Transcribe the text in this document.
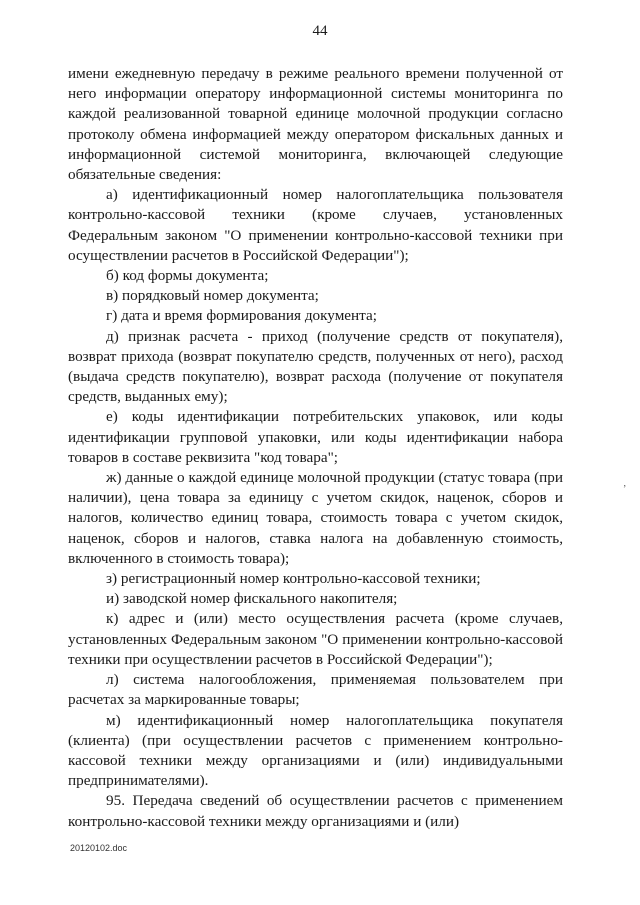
44

имени ежедневную передачу в режиме реального времени полученной от него информации оператору информационной системы мониторинга по каждой реализованной товарной единице молочной продукции согласно протоколу обмена информацией между оператором фискальных данных и информационной системой мониторинга, включающей следующие обязательные сведения:

а) идентификационный номер налогоплательщика пользователя контрольно-кассовой техники (кроме случаев, установленных Федеральным законом "О применении контрольно-кассовой техники при осуществлении расчетов в Российской Федерации");

б) код формы документа;

в) порядковый номер документа;

г) дата и время формирования документа;

д) признак расчета - приход (получение средств от покупателя), возврат прихода (возврат покупателю средств, полученных от него), расход (выдача средств покупателю), возврат расхода (получение от покупателя средств, выданных ему);

е) коды идентификации потребительских упаковок, или коды идентификации групповой упаковки, или коды идентификации набора товаров в составе реквизита "код товара";

ж) данные о каждой единице молочной продукции (статус товара (при наличии), цена товара за единицу с учетом скидок, наценок, сборов и налогов, количество единиц товара, стоимость товара с учетом скидок, наценок, сборов и налогов, ставка налога на добавленную стоимость, включенного в стоимость товара);

з) регистрационный номер контрольно-кассовой техники;

и) заводской номер фискального накопителя;

к) адрес и (или) место осуществления расчета (кроме случаев, установленных Федеральным законом "О применении контрольно-кассовой техники при осуществлении расчетов в Российской Федерации");

л) система налогообложения, применяемая пользователем при расчетах за маркированные товары;

м) идентификационный номер налогоплательщика покупателя (клиента) (при осуществлении расчетов с применением контрольно-кассовой техники между организациями и (или) индивидуальными предпринимателями).

95. Передача сведений об осуществлении расчетов с применением контрольно-кассовой техники между организациями и (или)

’
20120102.doc
